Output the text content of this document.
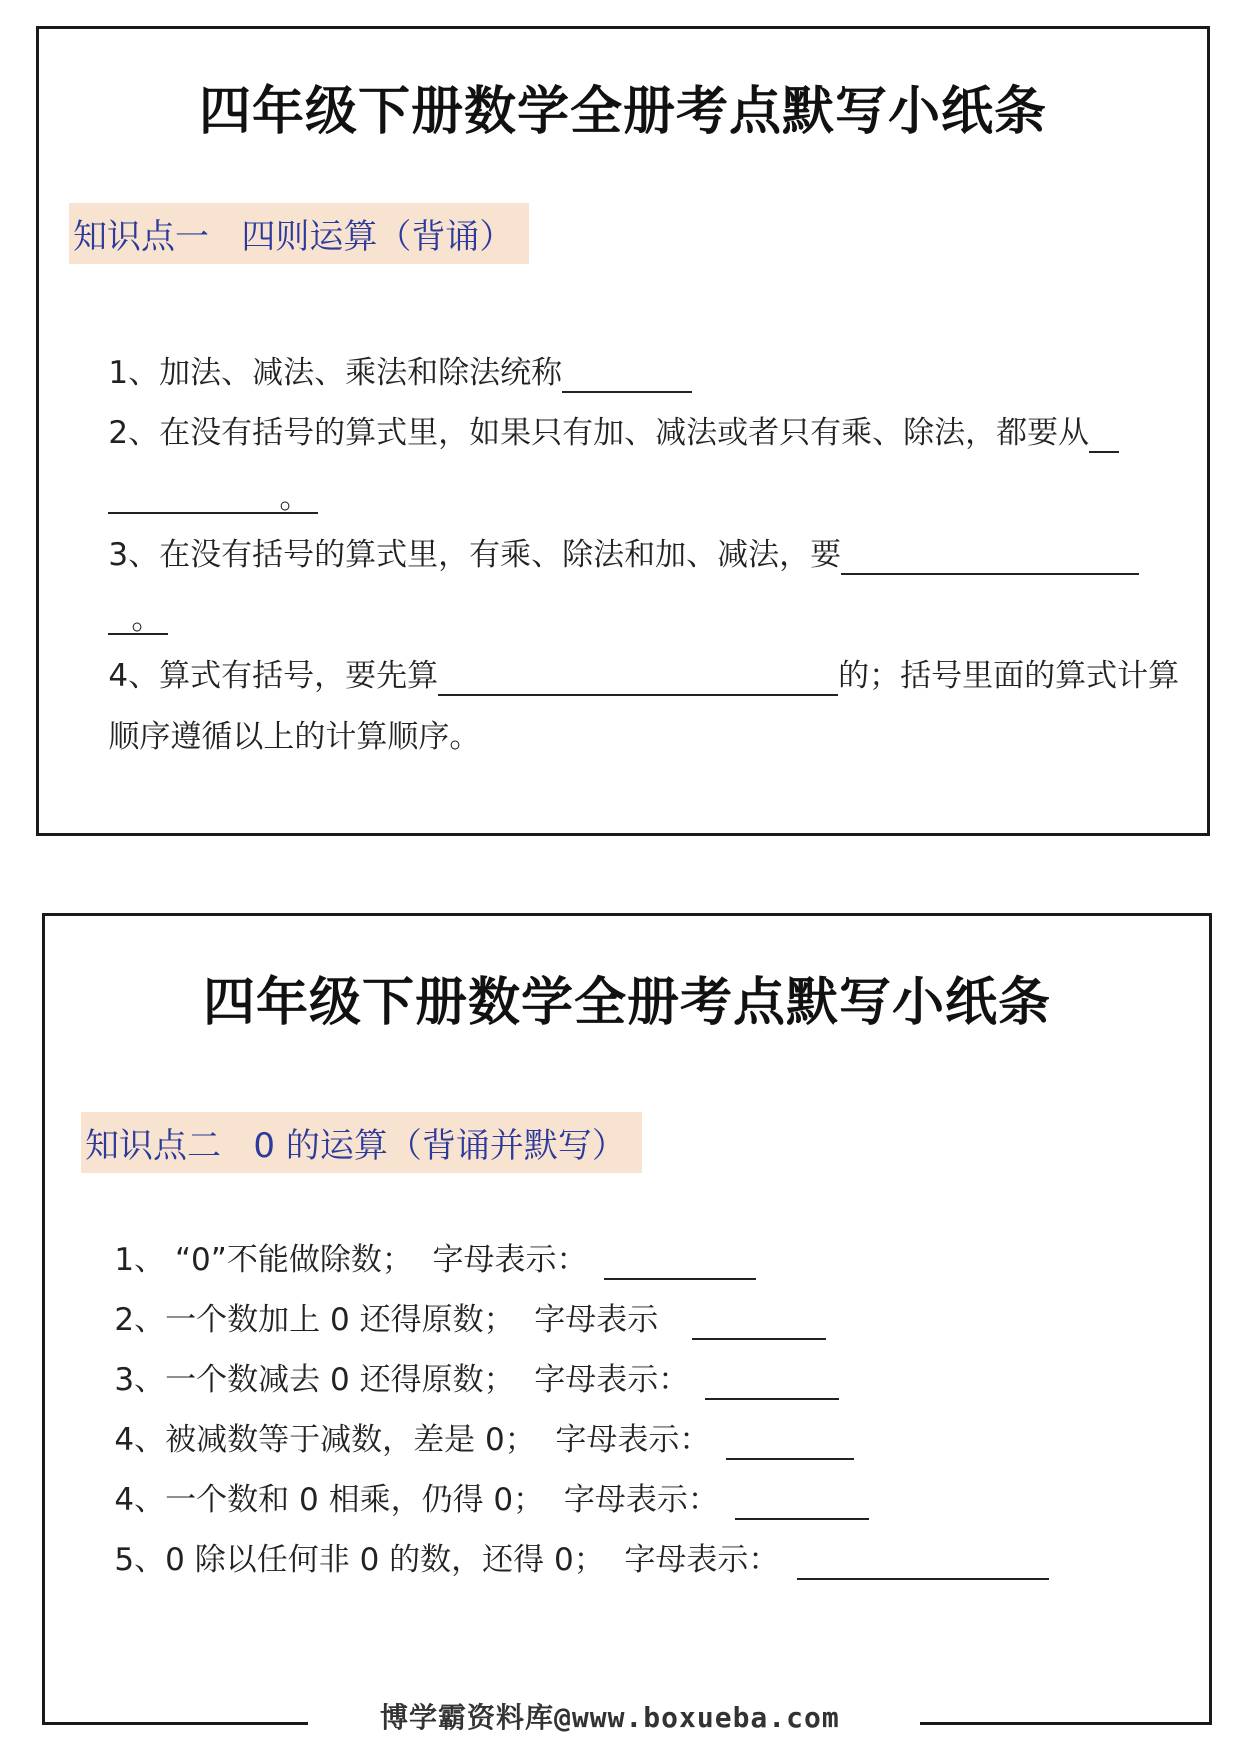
四年级下册数学全册考点默写小纸条
知识点一   四则运算（背诵）

1、加法、减法、乘法和除法统称

2、在没有括号的算式里，如果只有加、减法或者只有乘、除法，都要从

。

3、在没有括号的算式里，有乘、除法和加、减法，要

。

4、算式有括号，要先算	的；括号里面的算式计算

顺序遵循以上的计算顺序。

四年级下册数学全册考点默写小纸条
知识点二   0 的运算（背诵并默写）

1、 “0”不能做除数；  字母表示：

2、一个数加上 0 还得原数；  字母表示

3、一个数减去 0 还得原数；  字母表示：

4、被减数等于减数，差是 0；  字母表示：

4、一个数和 0 相乘，仍得 0；  字母表示：

5、0 除以任何非 0 的数，还得 0；  字母表示：

博学霸资料库@www.boxueba.com
